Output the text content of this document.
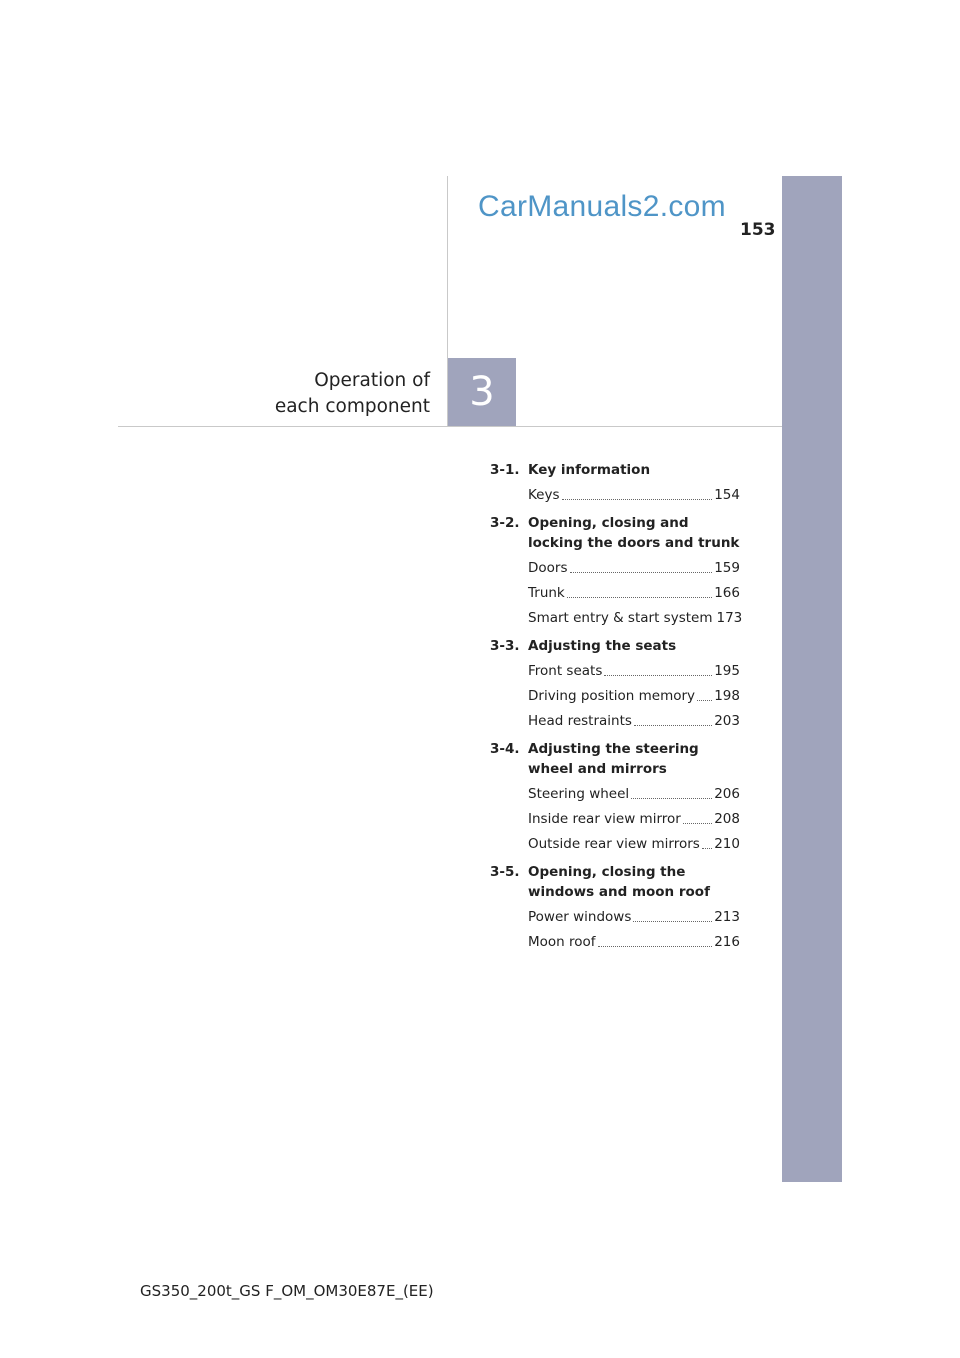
CarManuals2.com
153
Operation of
each component 3
3-1. Key information
Keys	154
3-2. Opening, closing and locking the doors and trunk
Doors	159
Trunk	166
Smart entry & start system 173
3-3. Adjusting the seats
Front seats	195
Driving position memory 198
Head restraints	203
3-4. Adjusting the steering wheel and mirrors
Steering wheel	206
Inside rear view mirror 208
Outside rear view mirrors 210
3-5. Opening, closing the windows and moon roof
Power windows	213
Moon roof	216
GS350_200t_GS F_OM_OM30E87E_(EE)
